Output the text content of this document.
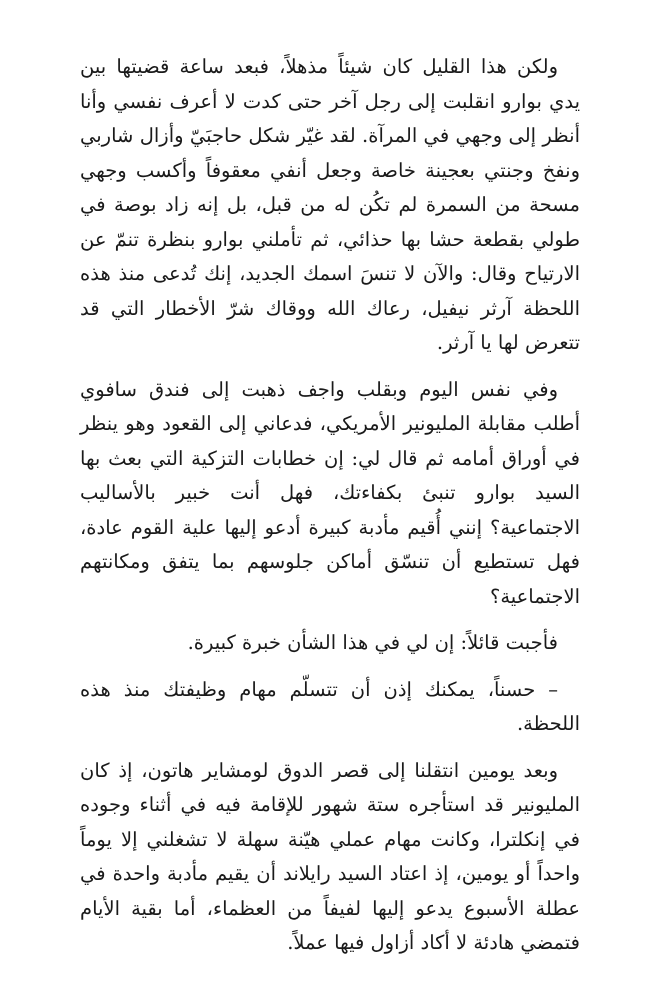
ولكن هذا القليل كان شيئاً مذهلاً، فبعد ساعة قضيتها بين يدي بوارو انقلبت إلى رجل آخر حتى كدت لا أعرف نفسي وأنا أنظر إلى وجهي في المرآة. لقد غيّر شكل حاجبَيّ وأزال شاربي ونفخ وجنتي بعجينة خاصة وجعل أنفي معقوفاً وأكسب وجهي مسحة من السمرة لم تكُن له من قبل، بل إنه زاد بوصة في طولي بقطعة حشا بها حذائي، ثم تأملني بوارو بنظرة تنمّ عن الارتياح وقال: والآن لا تنسَ اسمك الجديد، إنك تُدعى منذ هذه اللحظة آرثر نيفيل، رعاك الله ووقاك شرّ الأخطار التي قد تتعرض لها يا آرثر.

وفي نفس اليوم وبقلب واجف ذهبت إلى فندق سافوي أطلب مقابلة المليونير الأمريكي، فدعاني إلى القعود وهو ينظر في أوراق أمامه ثم قال لي: إن خطابات التزكية التي بعث بها السيد بوارو تنبئ بكفاءتك، فهل أنت خبير بالأساليب الاجتماعية؟ إنني أُقيم مأدبة كبيرة أدعو إليها علية القوم عادة، فهل تستطيع أن تنسّق أماكن جلوسهم بما يتفق ومكانتهم الاجتماعية؟

فأجبت قائلاً: إن لي في هذا الشأن خبرة كبيرة.

– حسناً، يمكنك إذن أن تتسلّم مهام وظيفتك منذ هذه اللحظة.

وبعد يومين انتقلنا إلى قصر الدوق لومشاير هاتون، إذ كان المليونير قد استأجره ستة شهور للإقامة فيه في أثناء وجوده في إنكلترا، وكانت مهام عملي هيّنة سهلة لا تشغلني إلا يوماً واحداً أو يومين، إذ اعتاد السيد رايلاند أن يقيم مأدبة واحدة في عطلة الأسبوع يدعو إليها لفيفاً من العظماء، أما بقية الأيام فتمضي هادئة لا أكاد أزاول فيها عملاً.
